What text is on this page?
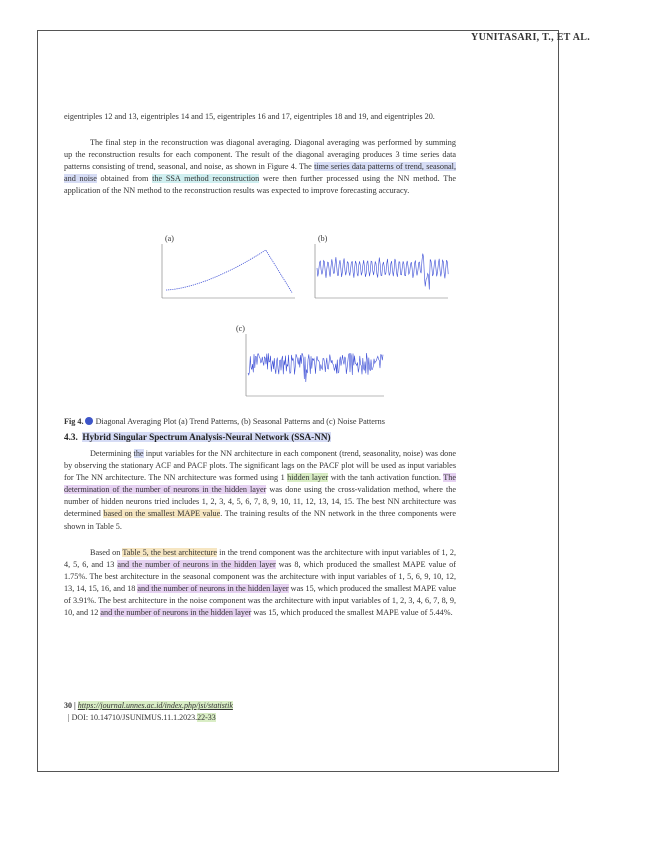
YUNITASARI, T., ET AL.
eigentriples 12 and 13, eigentriples 14 and 15, eigentriples 16 and 17, eigentriples 18 and 19, and eigentriples 20.
The final step in the reconstruction was diagonal averaging. Diagonal averaging was performed by summing up the reconstruction results for each component. The result of the diagonal averaging produces 3 time series data patterns consisting of trend, seasonal, and noise, as shown in Figure 4. The time series data patterns of trend, seasonal, and noise obtained from the SSA method reconstruction were then further processed using the NN method. The application of the NN method to the reconstruction results was expected to improve forecasting accuracy.
(a)	(b)
(c)
Fig 4. Diagonal Averaging Plot (a) Trend Patterns, (b) Seasonal Patterns and (c) Noise Patterns
4.3. Hybrid Singular Spectrum Analysis-Neural Network (SSA-NN)
Determining the input variables for the NN architecture in each component (trend, seasonality, noise) was done by observing the stationary ACF and PACF plots. The significant lags on the PACF plot will be used as input variables for The NN architecture. The NN architecture was formed using 1 hidden layer with the tanh activation function. The determination of the number of neurons in the hidden layer was done using the cross-validation method, where the number of hidden neurons tried includes 1, 2, 3, 4, 5, 6, 7, 8, 9, 10, 11, 12, 13, 14, 15. The best NN architecture was determined based on the smallest MAPE value. The training results of the NN network in the three components were shown in Table 5.
Based on Table 5, the best architecture in the trend component was the architecture with input variables of 1, 2, 4, 5, 6, and 13 and the number of neurons in the hidden layer was 8, which produced the smallest MAPE value of 1.75%. The best architecture in the seasonal component was the architecture with input variables of 1, 5, 6, 9, 10, 12, 13, 14, 15, 16, and 18 and the number of neurons in the hidden layer was 15, which produced the smallest MAPE value of 3.91%. The best architecture in the noise component was the architecture with input variables of 1, 2, 3, 4, 6, 7, 8, 9, 10, and 12 and the number of neurons in the hidden layer was 15, which produced the smallest MAPE value of 5.44%.
30 | https://journal.unnes.ac.id/index.php/jsi/statistik
| DOI: 10.14710/JSUNIMUS.11.1.2023.22-33
